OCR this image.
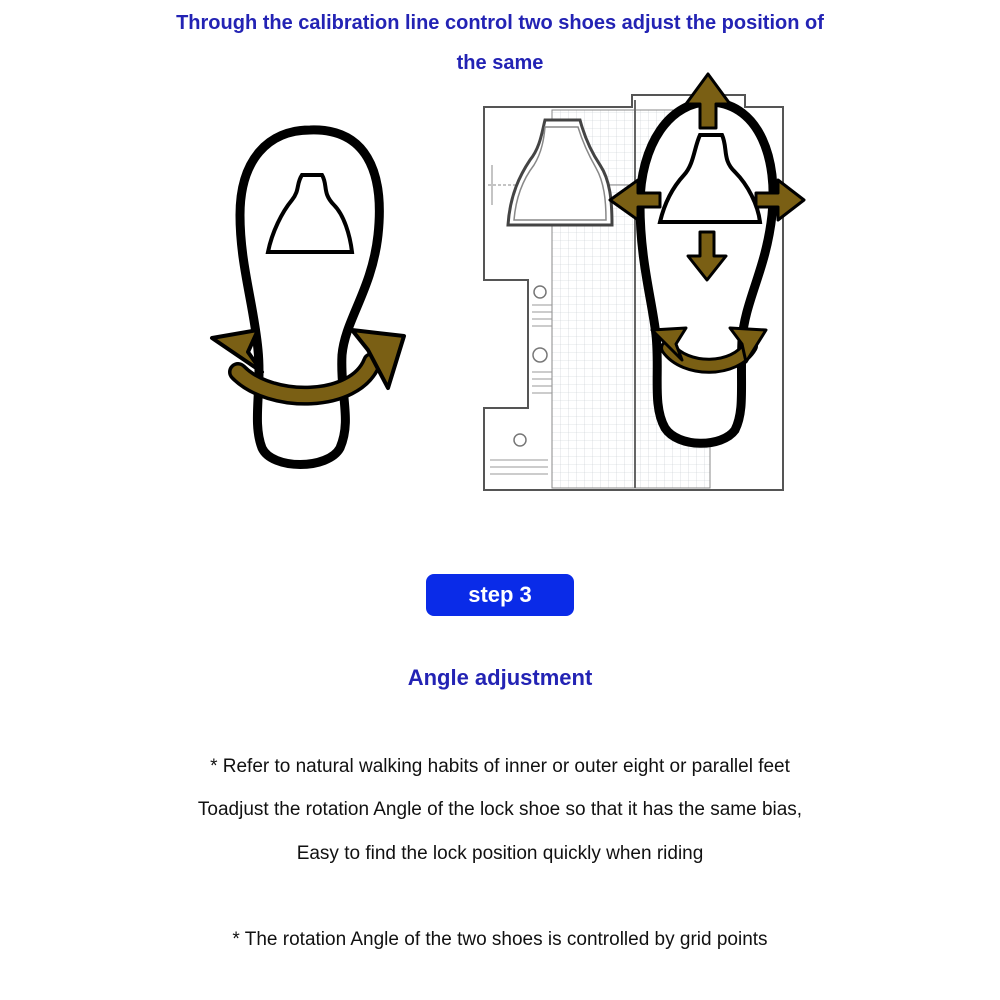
Through the calibration line control two shoes adjust the position of

the same

step 3

Angle adjustment

* Refer to natural walking habits of inner or outer eight or parallel feet

Toadjust the rotation Angle of the lock shoe so that it has the same bias,

Easy to find the lock position quickly when riding

* The rotation Angle of the two shoes is controlled by grid points
